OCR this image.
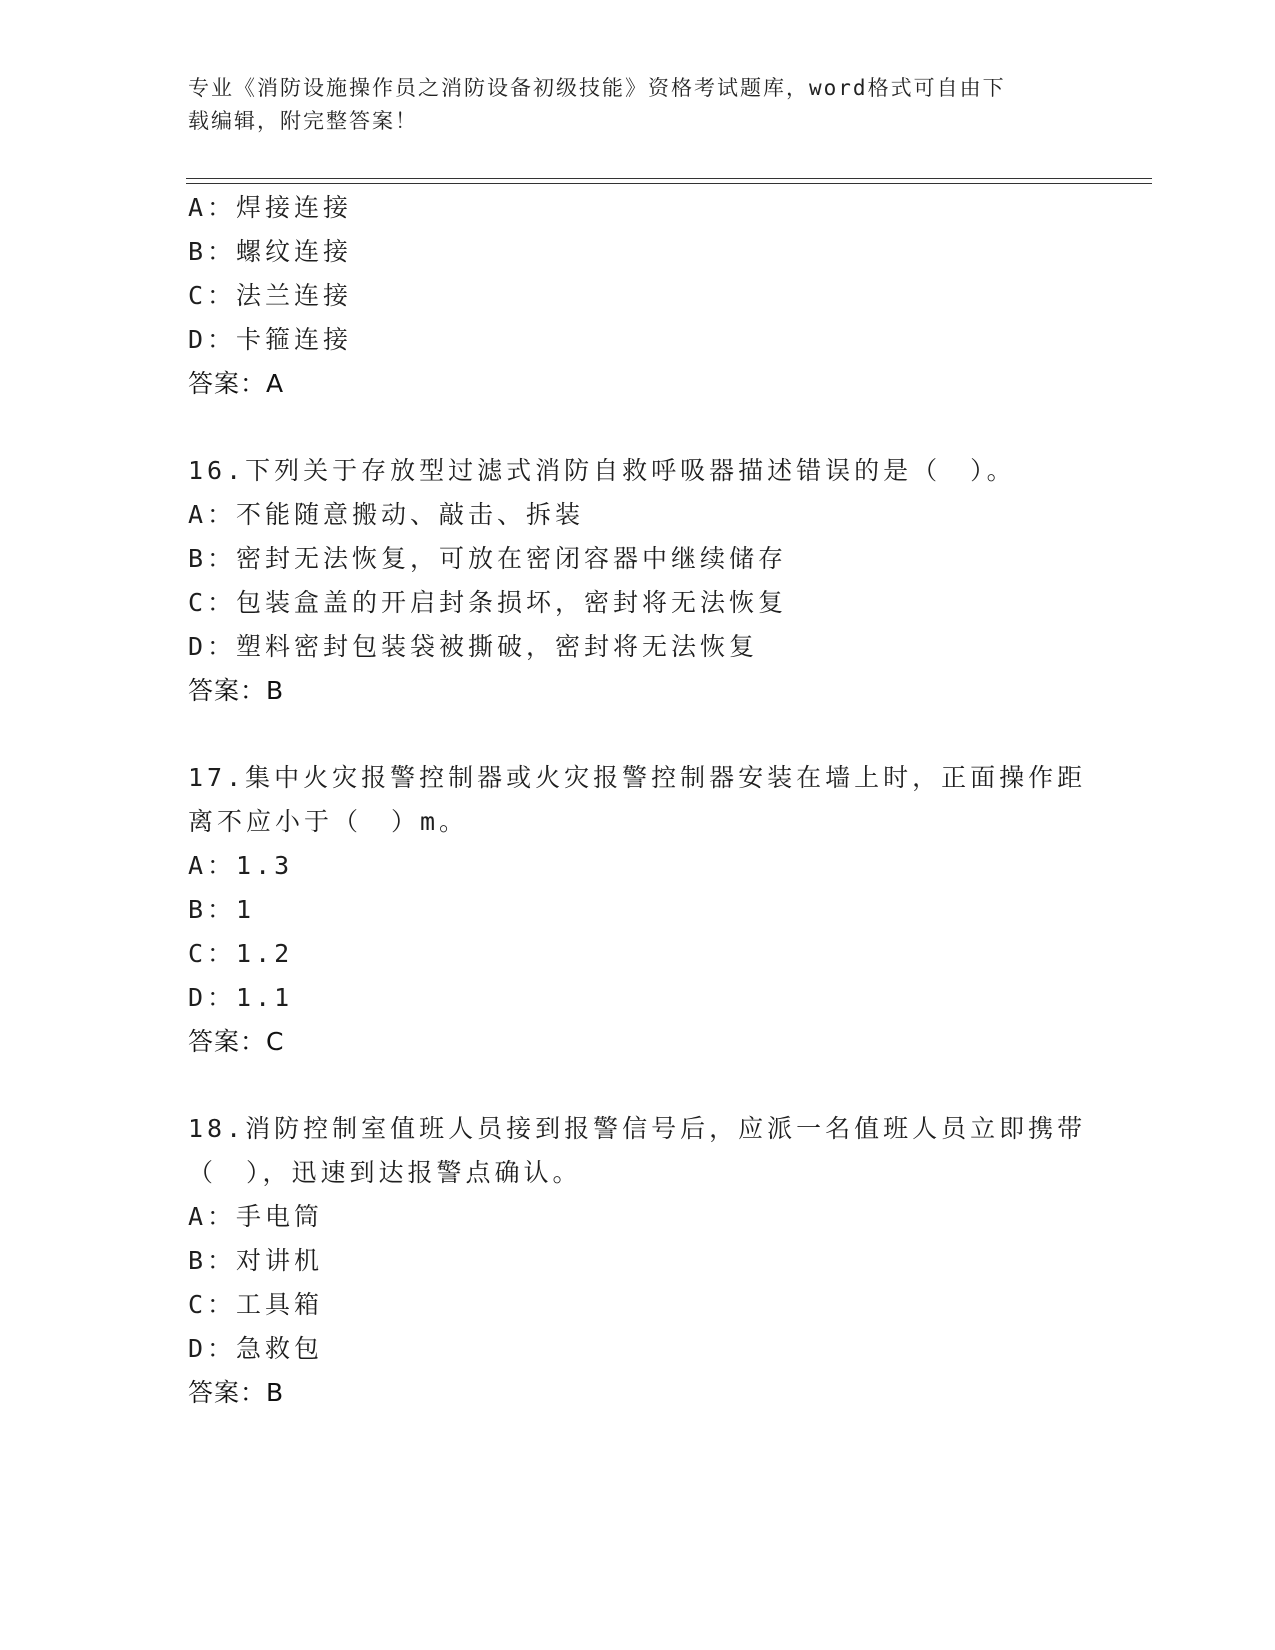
专业《消防设施操作员之消防设备初级技能》资格考试题库，word格式可自由下
载编辑，附完整答案！
A：焊接连接
B：螺纹连接
C：法兰连接
D：卡箍连接
答案：A
16.下列关于存放型过滤式消防自救呼吸器描述错误的是（　）。
A：不能随意搬动、敲击、拆装
B：密封无法恢复，可放在密闭容器中继续储存
C：包装盒盖的开启封条损坏，密封将无法恢复
D：塑料密封包装袋被撕破，密封将无法恢复
答案：B
17.集中火灾报警控制器或火灾报警控制器安装在墙上时，正面操作距
离不应小于（　）m。
A：1.3
B：1
C：1.2
D：1.1
答案：C
18.消防控制室值班人员接到报警信号后，应派一名值班人员立即携带
（　），迅速到达报警点确认。
A：手电筒
B：对讲机
C：工具箱
D：急救包
答案：B
